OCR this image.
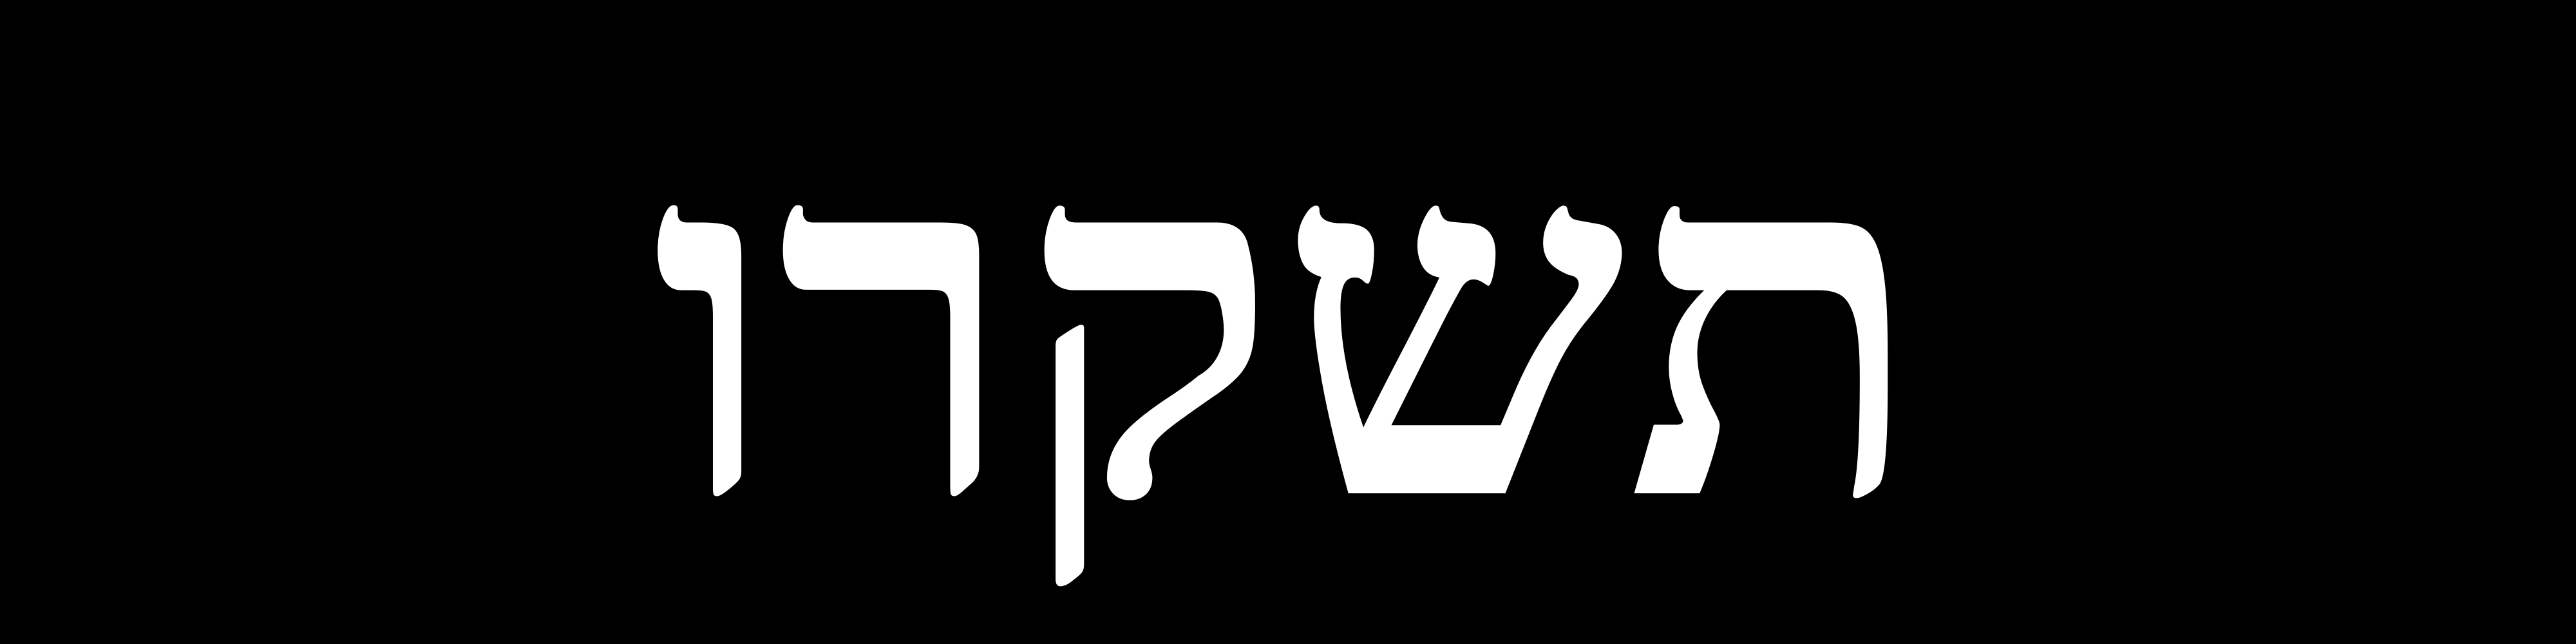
תשקרו
